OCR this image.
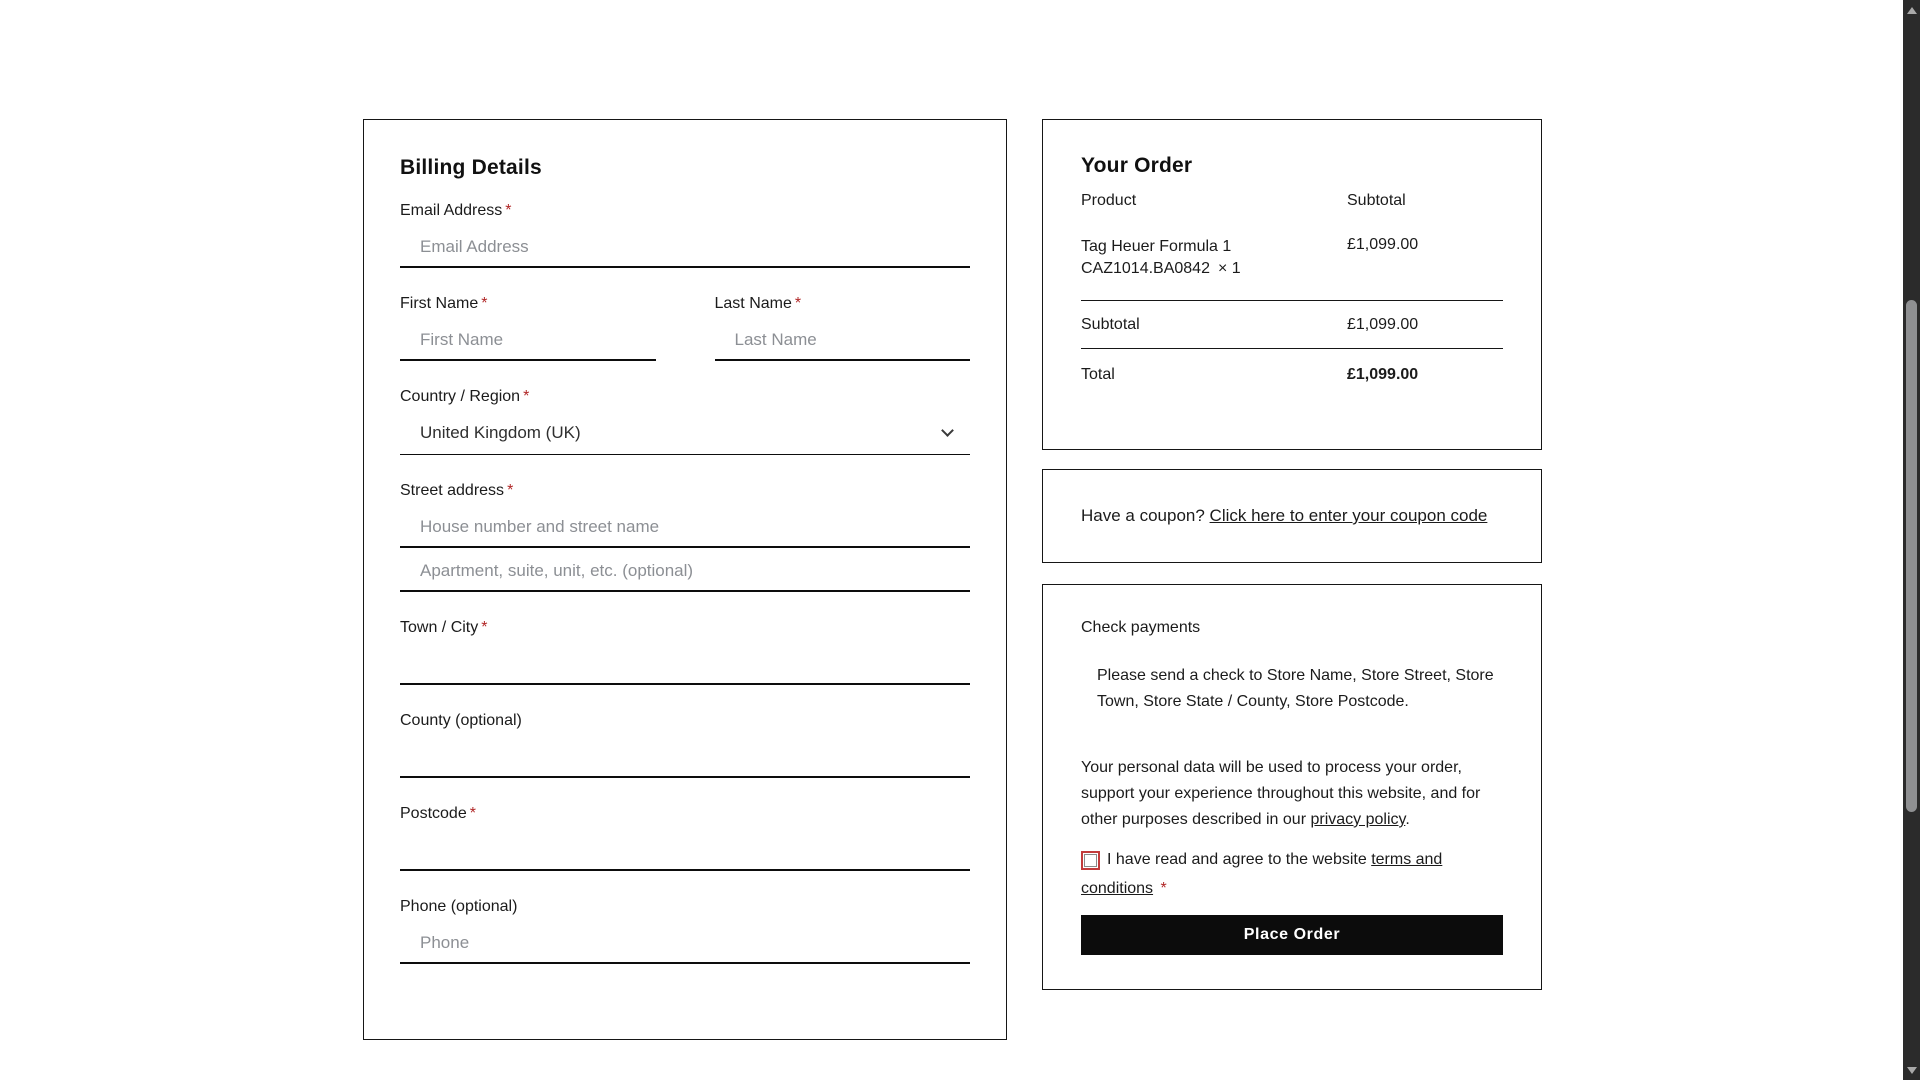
Billing Details
Email Address *
Email Address
First Name *
First Name	Last Name *
Last Name
Country / Region *
United Kingdom (UK)
Street address *
House number and street name
Apartment, suite, unit, etc. (optional)
Town / City *
County (optional)
Postcode *
Phone (optional)
Phone
Your Order
Product	Subtotal
Tag Heuer Formula 1 CAZ1014.BA0842 × 1
£1,099.00
Subtotal	£1,099.00
Total	£1,099.00
Have a coupon? Click here to enter your coupon code
Check payments
Please send a check to Store Name, Store Street, Store Town, Store State / County, Store Postcode.
Your personal data will be used to process your order, support your experience throughout this website, and for other purposes described in our privacy policy.
I have read and agree to the website terms and conditions *
Place Order
